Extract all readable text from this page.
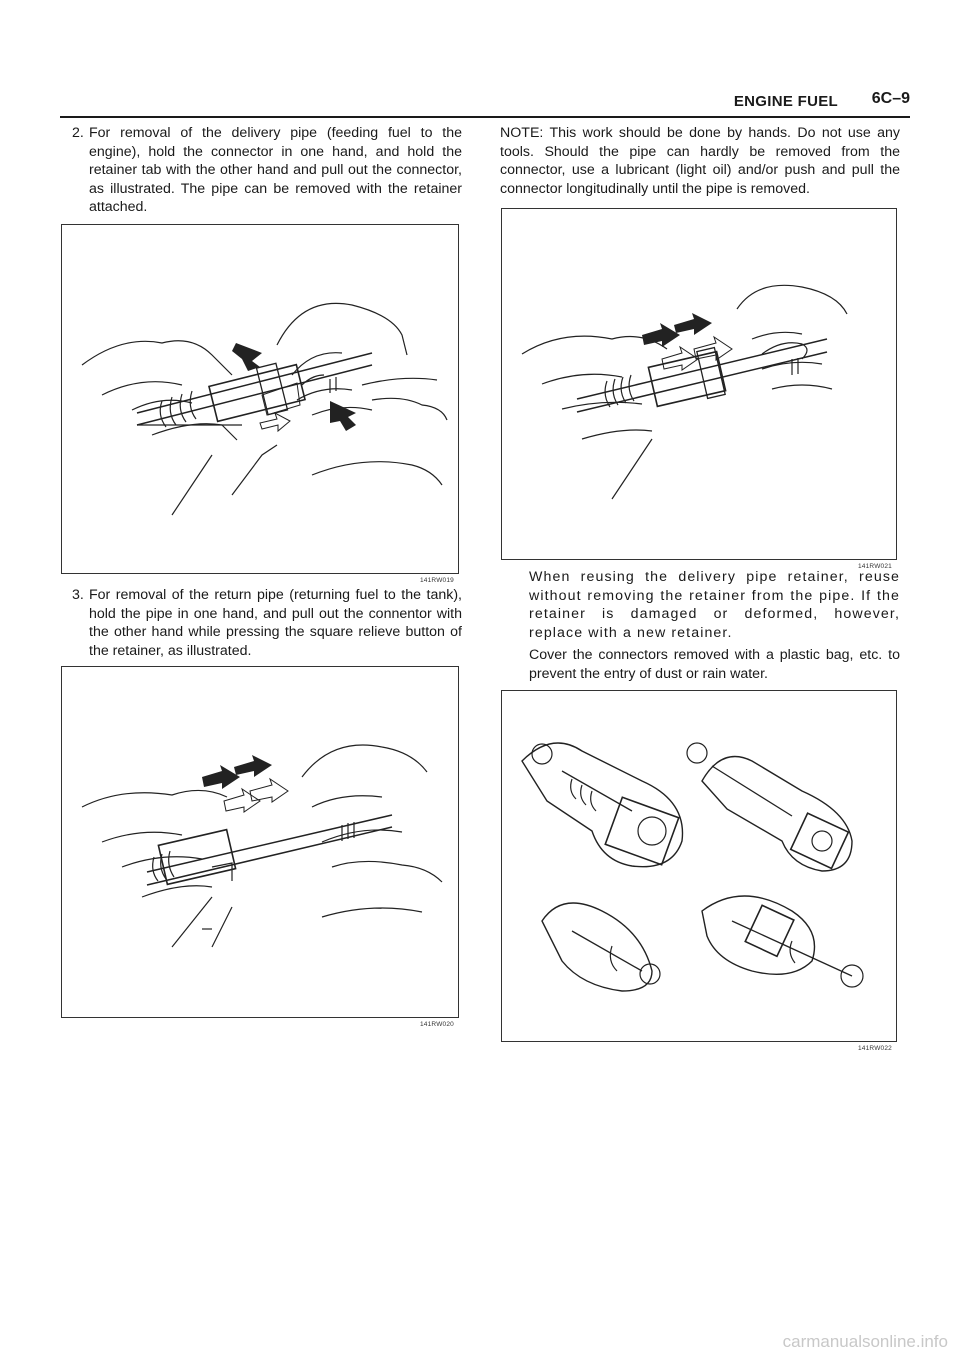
ENGINE FUEL 6C–9

2. For removal of the delivery pipe (feeding fuel to the engine), hold the connector in one hand, and hold the retainer tab with the other hand and pull out the connector, as illustrated. The pipe can be removed with the retainer attached.

141RW019

3. For removal of the return pipe (returning fuel to the tank), hold the pipe in one hand, and pull out the connentor with the other hand while pressing the square relieve button of the retainer, as illustrated.

141RW020

NOTE: This work should be done by hands. Do not use any tools. Should the pipe can hardly be removed from the connector, use a lubricant (light oil) and/or push and pull the connector longitudinally until the pipe is removed.

141RW021

When reusing the delivery pipe retainer, reuse without removing the retainer from the pipe. If the retainer is damaged or deformed, however, replace with a new retainer.

Cover the connectors removed with a plastic bag, etc. to prevent the entry of dust or rain water.

141RW022
carmanualsonline.info
